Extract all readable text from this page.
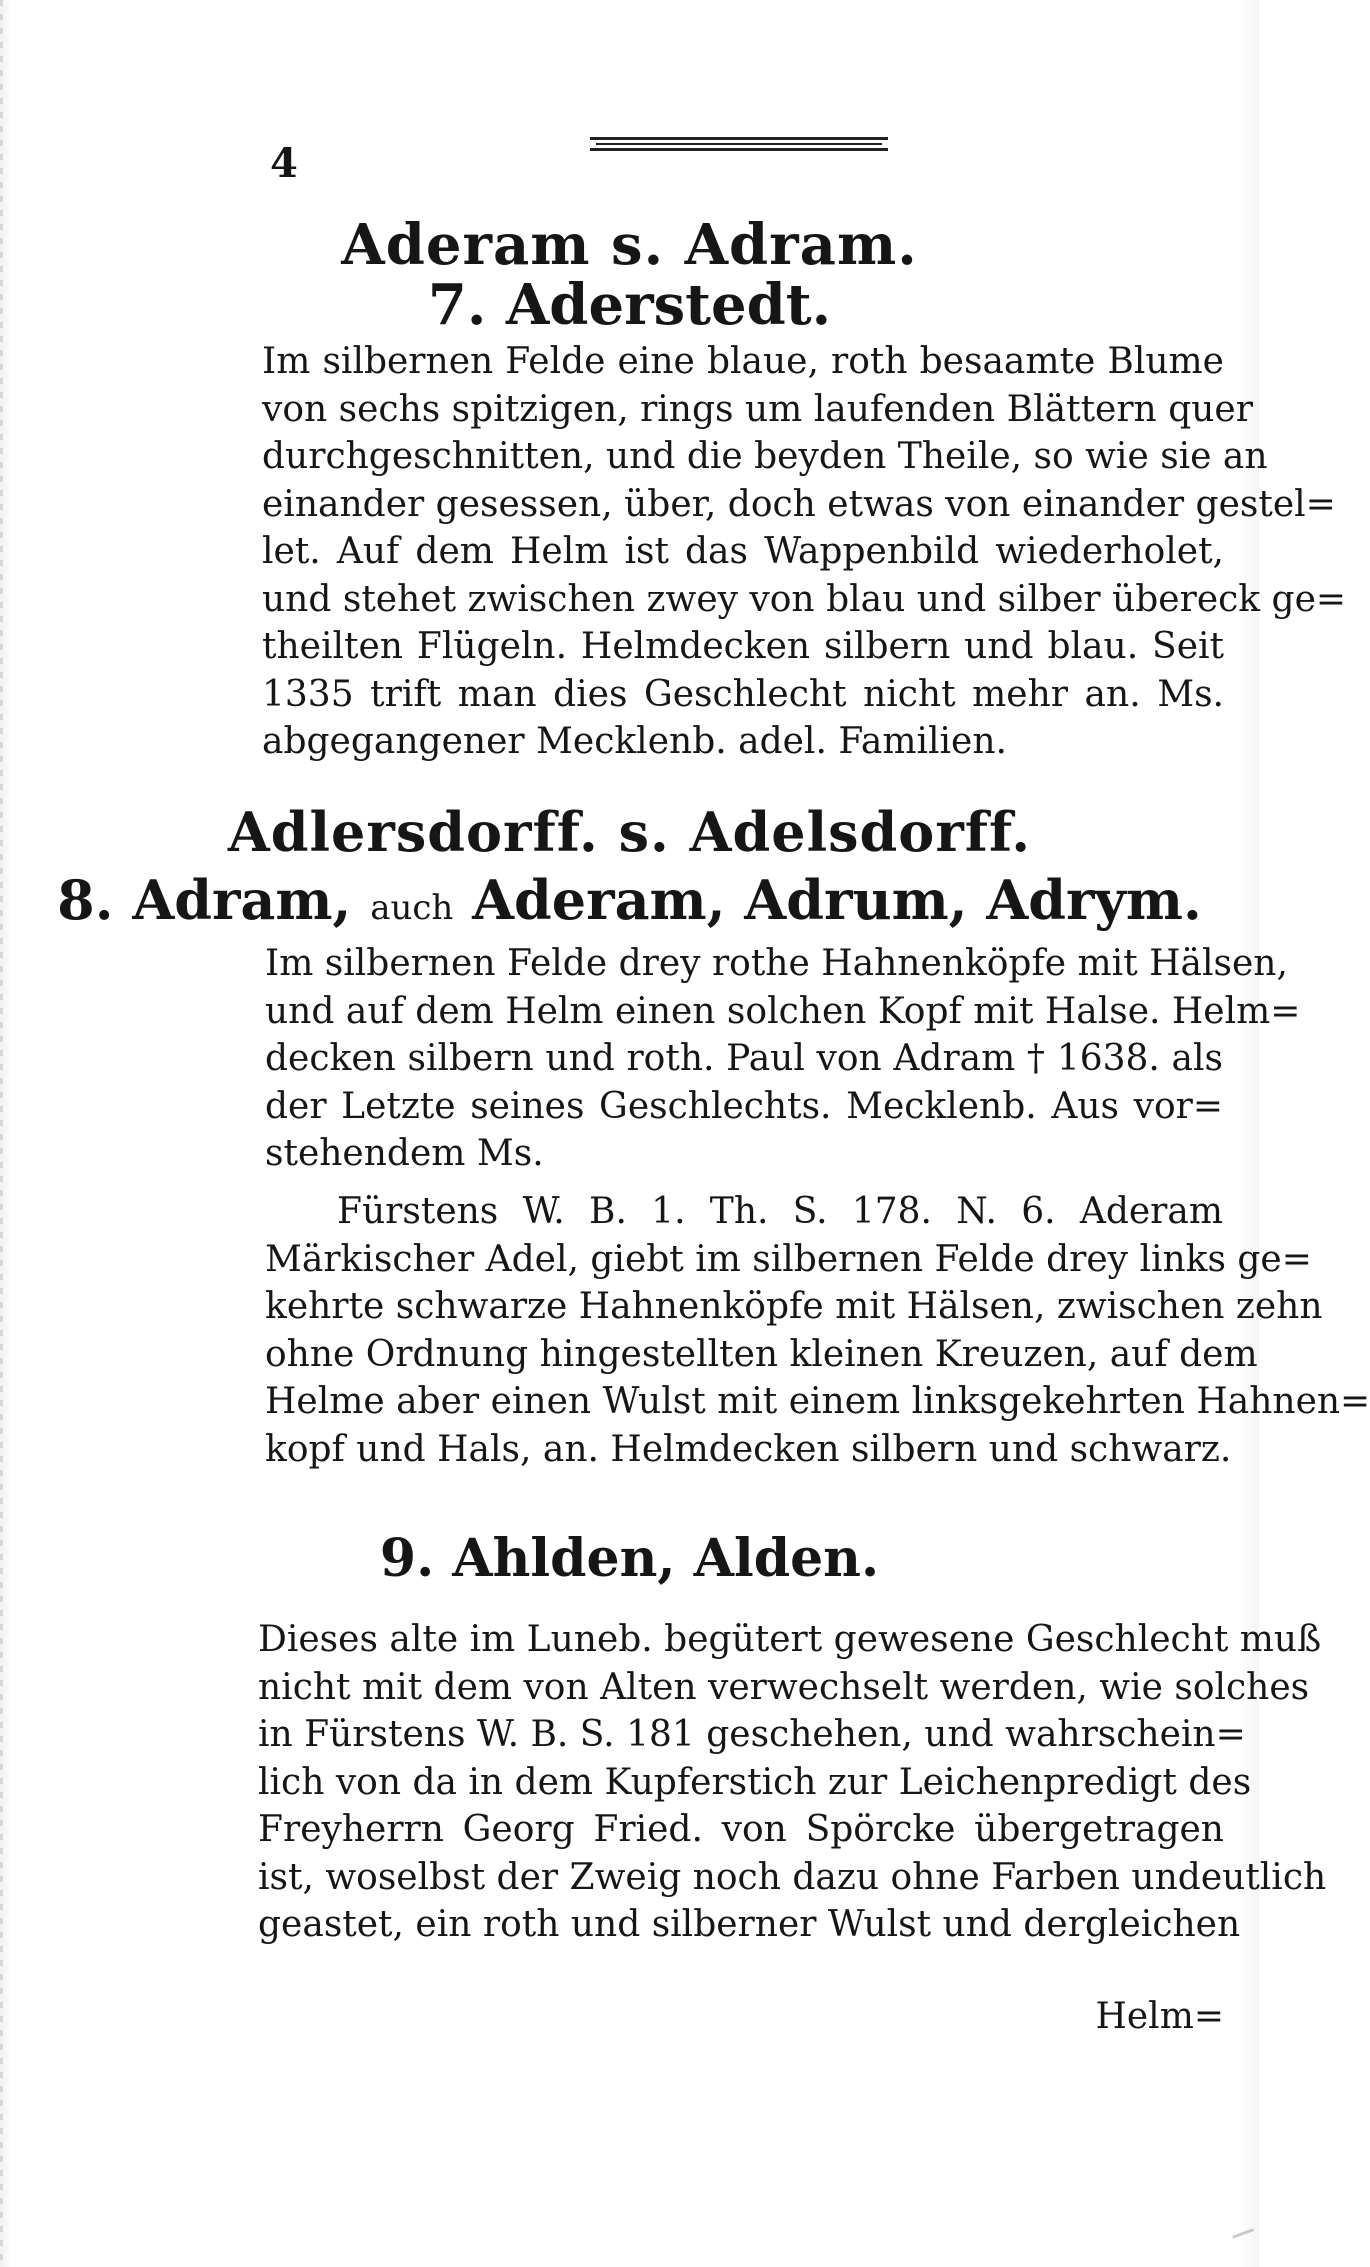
4
Aderam s. Adram.
7. Aderstedt.
Im silbernen Felde eine blaue, roth besaamte Blume
von sechs spitzigen, rings um laufenden Blättern quer
durchgeschnitten, und die beyden Theile, so wie sie an
einander gesessen, über, doch etwas von einander gestel=
let. Auf dem Helm ist das Wappenbild wiederholet,
und stehet zwischen zwey von blau und silber übereck ge=
theilten Flügeln. Helmdecken silbern und blau. Seit
1335 trift man dies Geschlecht nicht mehr an. Ms.
abgegangener Mecklenb. adel. Familien.
Adlersdorff. s. Adelsdorff.
8. Adram, auch Aderam, Adrum, Adrym.
Im silbernen Felde drey rothe Hahnenköpfe mit Hälsen,
und auf dem Helm einen solchen Kopf mit Halse. Helm=
decken silbern und roth. Paul von Adram † 1638. als
der Letzte seines Geschlechts. Mecklenb. Aus vor=
stehendem Ms.
Fürstens W. B. 1. Th. S. 178. N. 6. Aderam
Märkischer Adel, giebt im silbernen Felde drey links ge=
kehrte schwarze Hahnenköpfe mit Hälsen, zwischen zehn
ohne Ordnung hingestellten kleinen Kreuzen, auf dem
Helme aber einen Wulst mit einem linksgekehrten Hahnen=
kopf und Hals, an. Helmdecken silbern und schwarz.
9. Ahlden, Alden.
Dieses alte im Luneb. begütert gewesene Geschlecht muß
nicht mit dem von Alten verwechselt werden, wie solches
in Fürstens W. B. S. 181 geschehen, und wahrschein=
lich von da in dem Kupferstich zur Leichenpredigt des
Freyherrn Georg Fried. von Spörcke übergetragen
ist, woselbst der Zweig noch dazu ohne Farben undeutlich
geastet, ein roth und silberner Wulst und dergleichen
Helm=
